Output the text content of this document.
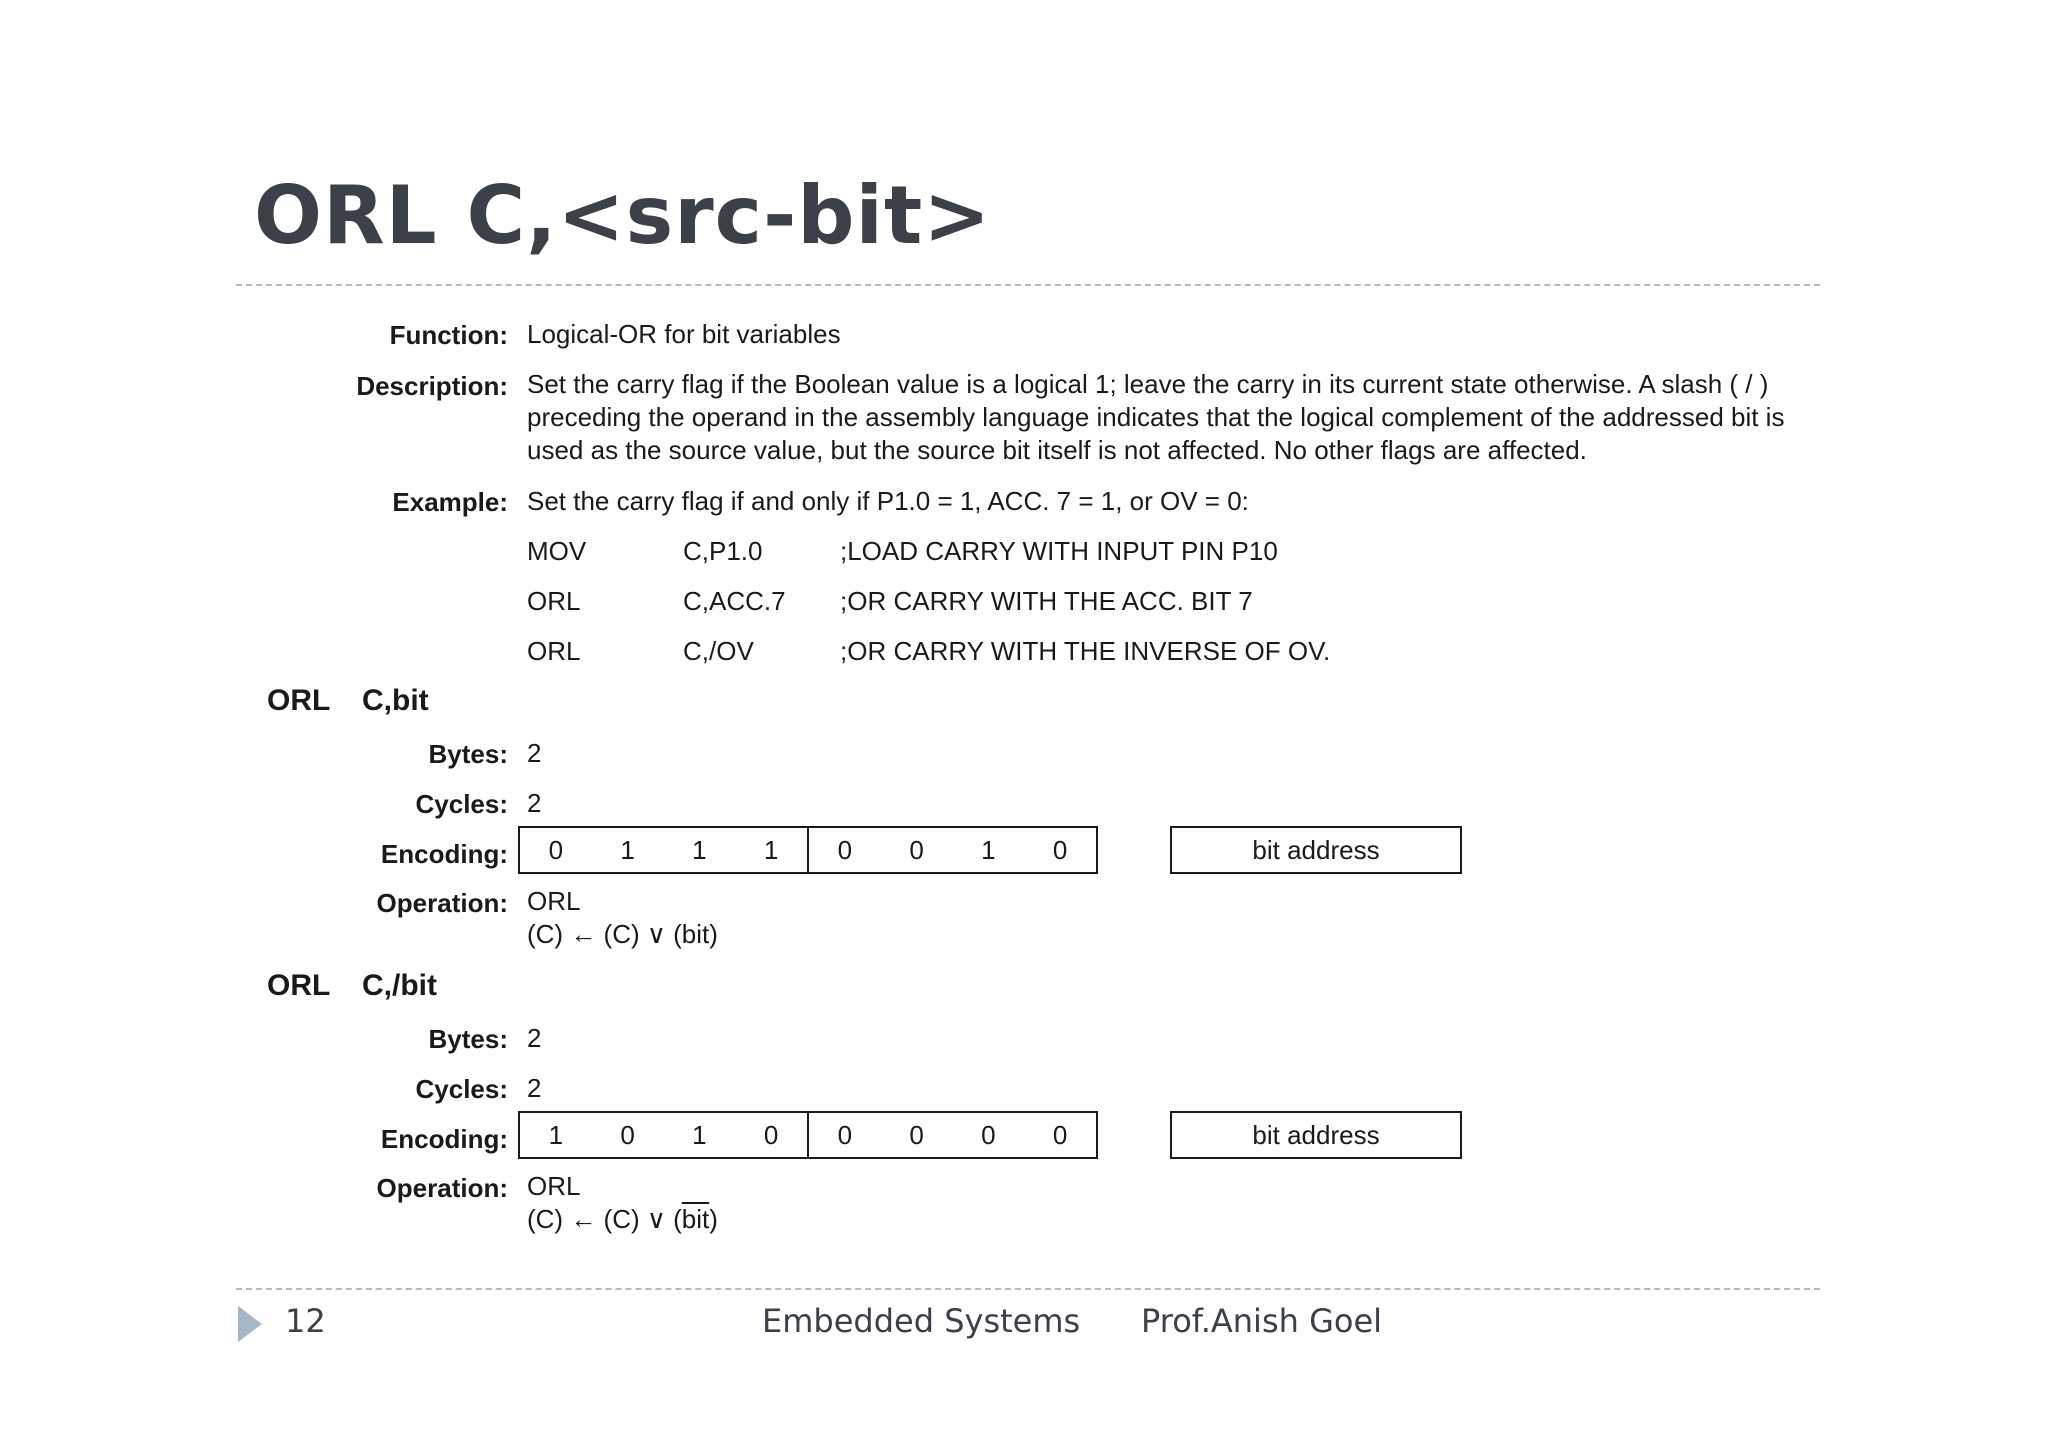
ORL C,<src-bit>
Function: Logical-OR for bit variables
Description: Set the carry flag if the Boolean value is a logical 1; leave the carry in its current state otherwise. A slash ( / ) preceding the operand in the assembly language indicates that the logical complement of the addressed bit is used as the source value, but the source bit itself is not affected. No other flags are affected.
Example: Set the carry flag if and only if P1.0 = 1, ACC. 7 = 1, or OV = 0:
MOV	C,P1.0	;LOAD CARRY WITH INPUT PIN P10
ORL	C,ACC.7 ;OR CARRY WITH THE ACC. BIT 7
ORL	C,/OV	;OR CARRY WITH THE INVERSE OF OV.
ORL C,bit
Bytes: 2
Cycles: 2
Encoding:	0	1	1	1	0	0	1	0	bit address
Operation: ORL
(C) ← (C) ∨ (bit)
ORL C,/bit
Bytes: 2
Cycles: 2
Encoding:	1	0	1	0	0	0	0	0	bit address
Operation: ORL
(C) ← (C) ∨ $(\overline{bit})$
12	Embedded Systems Prof.Anish Goel
